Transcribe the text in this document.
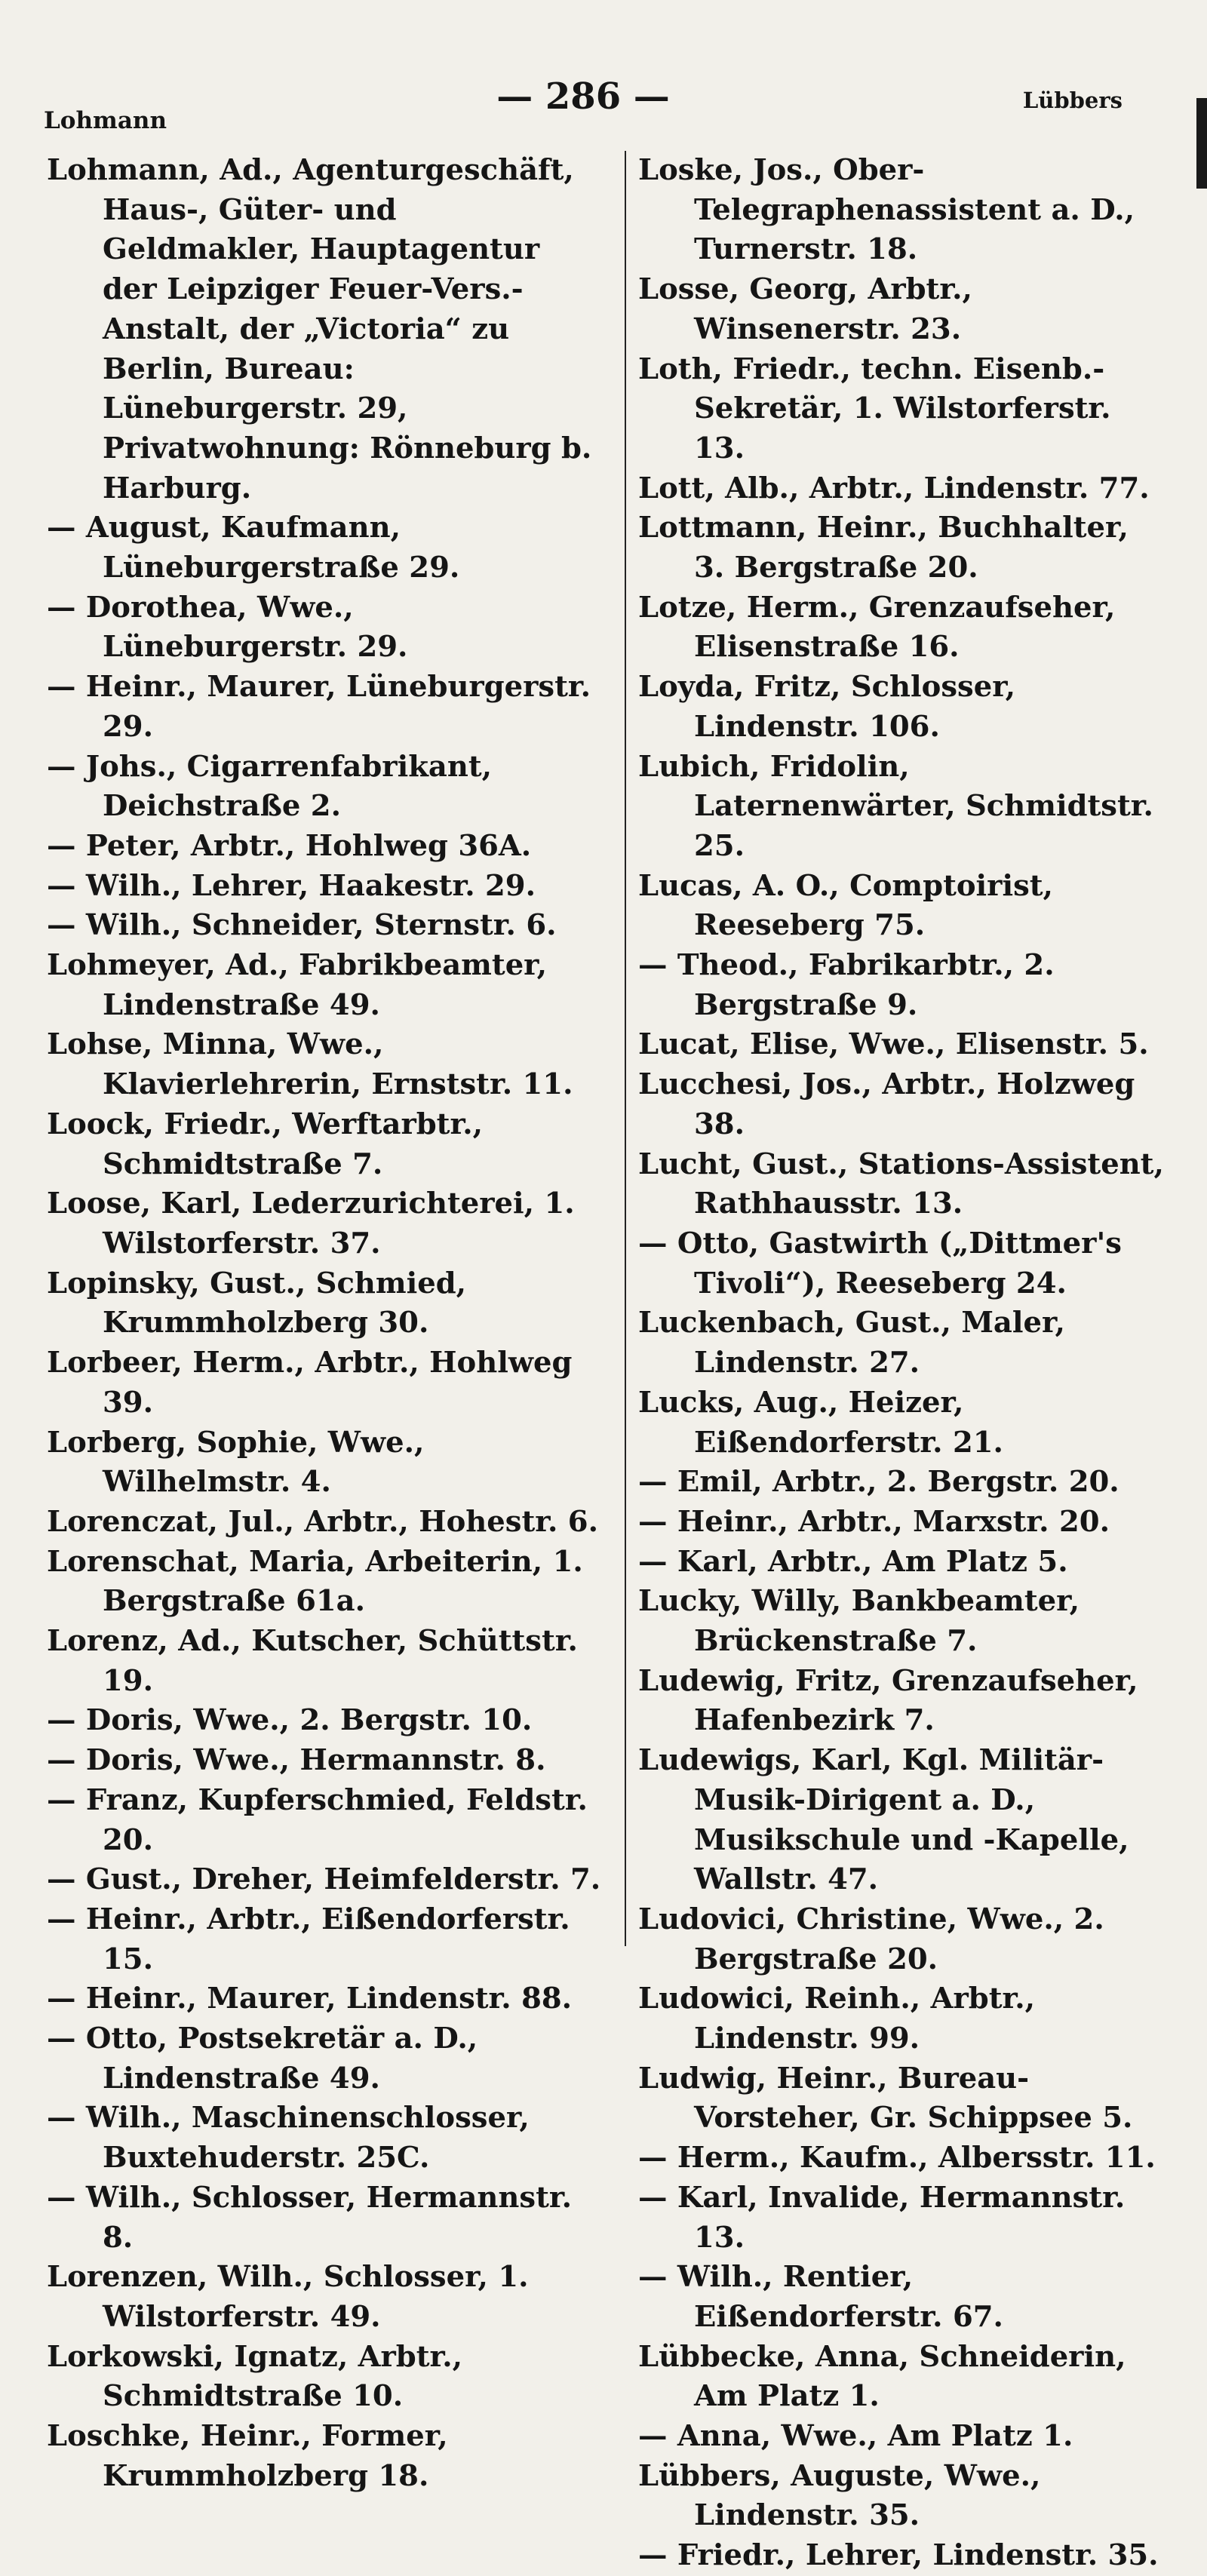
Lohmann
— 286 —	Lübbers
Lohmann, Ad., Agenturgeschäft, Haus-, Güter- und Geldmakler, Hauptagentur der Leipziger Feuer-Vers.-Anstalt, der „Victoria“ zu Berlin, Bureau: Lüneburgerstr. 29, Privatwohnung: Rönneburg b. Harburg.
— August, Kaufmann, Lüneburgerstraße 29.
— Dorothea, Wwe., Lüneburgerstr. 29.
— Heinr., Maurer, Lüneburgerstr. 29.
— Johs., Cigarrenfabrikant, Deichstraße 2.
— Peter, Arbtr., Hohlweg 36A.
— Wilh., Lehrer, Haakestr. 29.
— Wilh., Schneider, Sternstr. 6.
Lohmeyer, Ad., Fabrikbeamter, Lindenstraße 49.
Lohse, Minna, Wwe., Klavierlehrerin, Ernststr. 11.
Loock, Friedr., Werftarbtr., Schmidtstraße 7.
Loose, Karl, Lederzurichterei, 1. Wilstorferstr. 37.
Lopinsky, Gust., Schmied, Krummholzberg 30.
Lorbeer, Herm., Arbtr., Hohlweg 39.
Lorberg, Sophie, Wwe., Wilhelmstr. 4.
Lorenczat, Jul., Arbtr., Hohestr. 6.
Lorenschat, Maria, Arbeiterin, 1. Bergstraße 61a.
Lorenz, Ad., Kutscher, Schüttstr. 19.
— Doris, Wwe., 2. Bergstr. 10.
— Doris, Wwe., Hermannstr. 8.
— Franz, Kupferschmied, Feldstr. 20.
— Gust., Dreher, Heimfelderstr. 7.
— Heinr., Arbtr., Eißendorferstr. 15.
— Heinr., Maurer, Lindenstr. 88.
— Otto, Postsekretär a. D., Lindenstraße 49.
— Wilh., Maschinenschlosser, Buxtehuderstr. 25C.
— Wilh., Schlosser, Hermannstr. 8.
Lorenzen, Wilh., Schlosser, 1. Wilstorferstr. 49.
Lorkowski, Ignatz, Arbtr., Schmidtstraße 10.
Loschke, Heinr., Former, Krummholzberg 18.
Loske, Jos., Ober-Telegraphenassistent a. D., Turnerstr. 18.
Losse, Georg, Arbtr., Winsenerstr. 23.
Loth, Friedr., techn. Eisenb.-Sekretär, 1. Wilstorferstr. 13.
Lott, Alb., Arbtr., Lindenstr. 77.
Lottmann, Heinr., Buchhalter, 3. Bergstraße 20.
Lotze, Herm., Grenzaufseher, Elisenstraße 16.
Loyda, Fritz, Schlosser, Lindenstr. 106.
Lubich, Fridolin, Laternenwärter, Schmidtstr. 25.
Lucas, A. O., Comptoirist, Reeseberg 75.
— Theod., Fabrikarbtr., 2. Bergstraße 9.
Lucat, Elise, Wwe., Elisenstr. 5.
Lucchesi, Jos., Arbtr., Holzweg 38.
Lucht, Gust., Stations-Assistent, Rathhausstr. 13.
— Otto, Gastwirth („Dittmer's Tivoli“), Reeseberg 24.
Luckenbach, Gust., Maler, Lindenstr. 27.
Lucks, Aug., Heizer, Eißendorferstr. 21.
— Emil, Arbtr., 2. Bergstr. 20.
— Heinr., Arbtr., Marxstr. 20.
— Karl, Arbtr., Am Platz 5.
Lucky, Willy, Bankbeamter, Brückenstraße 7.
Ludewig, Fritz, Grenzaufseher, Hafenbezirk 7.
Ludewigs, Karl, Kgl. Militär-Musik-Dirigent a. D., Musikschule und -Kapelle, Wallstr. 47.
Ludovici, Christine, Wwe., 2. Bergstraße 20.
Ludowici, Reinh., Arbtr., Lindenstr. 99.
Ludwig, Heinr., Bureau-Vorsteher, Gr. Schippsee 5.
— Herm., Kaufm., Albersstr. 11.
— Karl, Invalide, Hermannstr. 13.
— Wilh., Rentier, Eißendorferstr. 67.
Lübbecke, Anna, Schneiderin, Am Platz 1.
— Anna, Wwe., Am Platz 1.
Lübbers, Auguste, Wwe., Lindenstr. 35.
— Friedr., Lehrer, Lindenstr. 35.
